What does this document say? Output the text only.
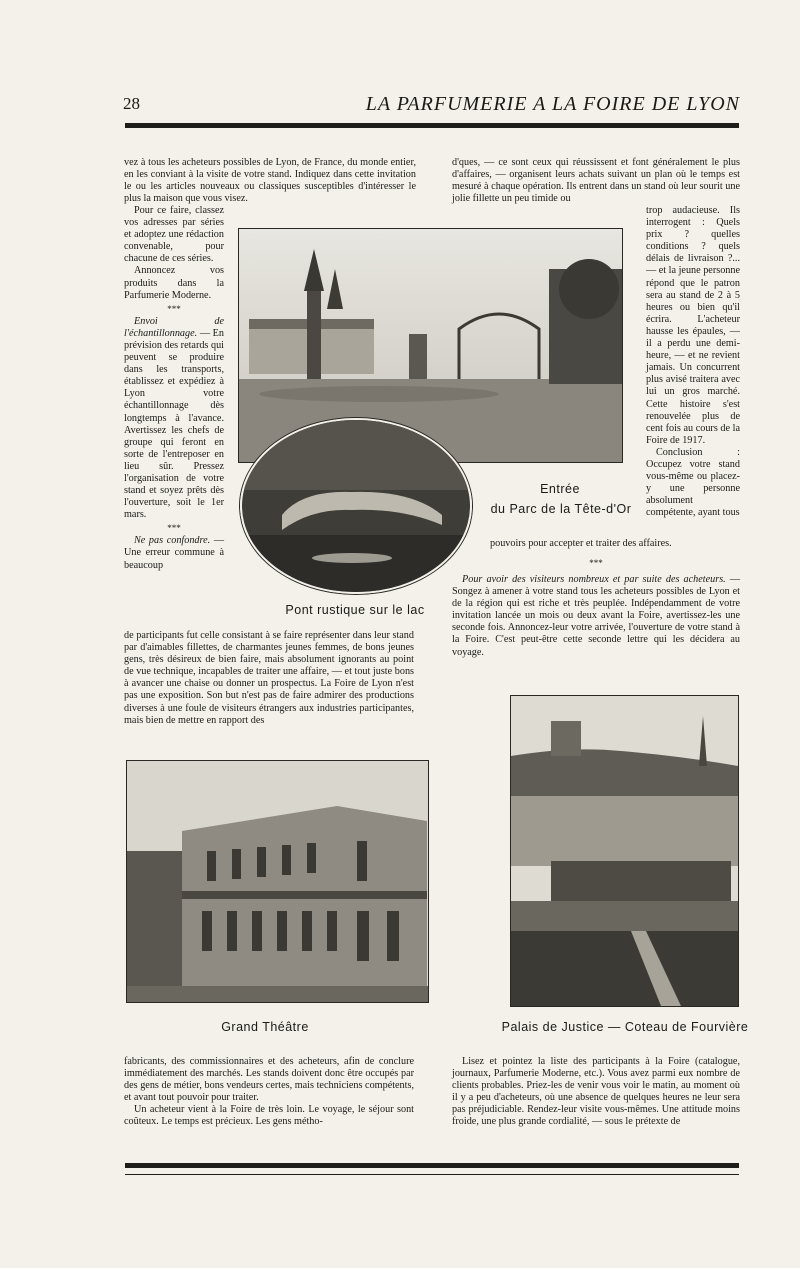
28	LA PARFUMERIE A LA FOIRE DE LYON

vez à tous les acheteurs possibles de Lyon, de France, du monde entier, en les conviant à la visite de votre stand. Indiquez dans cette invitation le ou les articles nouveaux ou classiques susceptibles d'intéresser le plus la maison que vous visez.

Pour ce faire, classez vos adresses par séries et adoptez une rédaction convenable, pour chacune de ces séries.

Annoncez vos produits dans la Parfumerie Moderne.

***

Envoi de l'échantillonnage. — En prévision des retards qui peuvent se produire dans les transports, établissez et expédiez à Lyon votre échantillonnage dès longtemps à l'avance. Avertissez les chefs de groupe qui feront en sorte de l'entreposer en lieu sûr. Pressez l'organisation de votre stand et soyez prêts dès l'ouverture, soit le 1er mars.

***

Ne pas confondre. — Une erreur commune à beaucoup

de participants fut celle consistant à se faire représenter dans leur stand par d'aimables fillettes, de charmantes jeunes femmes, de bons jeunes gens, très désireux de bien faire, mais absolument ignorants au point de vue technique, incapables de traiter une affaire, — et tout juste bons à avancer une chaise ou donner un prospectus. La Foire de Lyon n'est pas une exposition. Son but n'est pas de faire admirer des productions diverses à une foule de visiteurs étrangers aux industries participantes, mais bien de mettre en rapport des

d'ques, — ce sont ceux qui réussissent et font généralement le plus d'affaires, — organisent leurs achats suivant un plan où le temps est mesuré à chaque opération. Ils entrent dans un stand où leur sourit une jolie fillette un peu timide ou

trop audacieuse. Ils interrogent : Quels prix ? quelles conditions ? quels délais de livraison ?... — et la jeune personne répond que le patron sera au stand de 2 à 5 heures ou bien qu'il écrira. L'acheteur hausse les épaules, — il a perdu une demi-heure, — et ne revient jamais. Un concurrent plus avisé traitera avec lui un gros marché. Cette histoire s'est renouvelée plus de cent fois au cours de la Foire de 1917.

Conclusion : Occupez votre stand vous-même ou placez-y une personne absolument compétente, ayant tous

pouvoirs pour accepter et traiter des affaires.

***

Pour avoir des visiteurs nombreux et par suite des acheteurs. — Songez à amener à votre stand tous les acheteurs possibles de Lyon et de la région qui est riche et très peuplée. Indépendamment de votre invitation lancée un mois ou deux avant la Foire, avertissez-les une seconde fois. Annoncez-leur votre arrivée, l'ouverture de votre stand à la Foire. C'est peut-être cette seconde lettre qui les décidera au voyage.

Entrée
du Parc de la Tête-d'Or
Pont rustique sur le lac
Grand Théâtre	Palais de Justice — Coteau de Fourvière

fabricants, des commissionnaires et des acheteurs, afin de conclure immédiatement des marchés. Les stands doivent donc être occupés par des gens de métier, bons vendeurs certes, mais techniciens compétents, et avant tout pouvoir pour traiter.

Un acheteur vient à la Foire de très loin. Le voyage, le séjour sont coûteux. Le temps est précieux. Les gens métho-

Lisez et pointez la liste des participants à la Foire (catalogue, journaux, Parfumerie Moderne, etc.). Vous avez parmi eux nombre de clients probables. Priez-les de venir vous voir le matin, au moment où il y a peu d'acheteurs, où une absence de quelques heures ne leur sera pas préjudiciable. Rendez-leur visite vous-mêmes. Une attitude moins froide, une plus grande cordialité, — sous le prétexte de
